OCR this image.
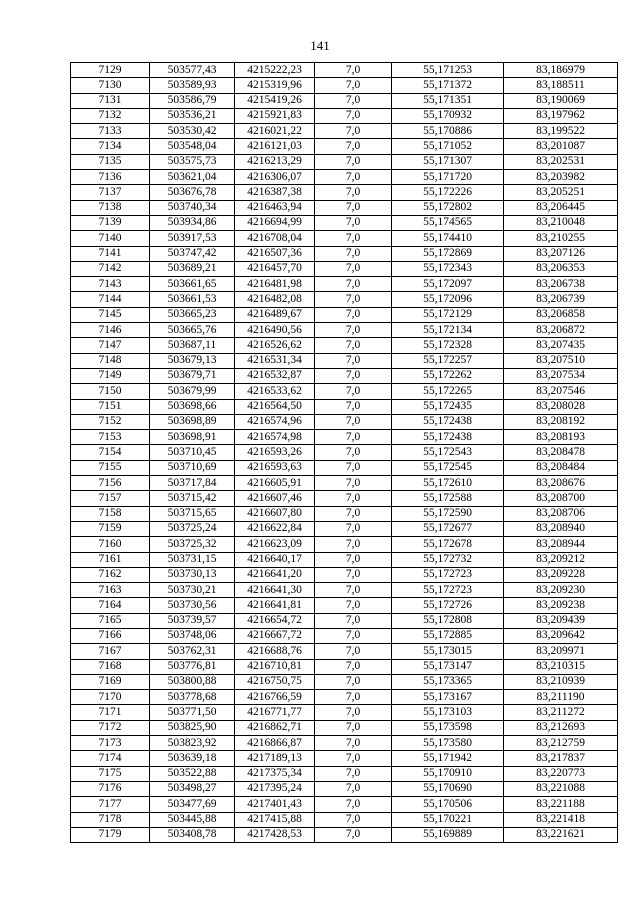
141
7129	503577,43	4215222,23	7,0	55,171253	83,186979
7130	503589,93	4215319,96	7,0	55,171372	83,188511
7131	503586,79	4215419,26	7,0	55,171351	83,190069
7132	503536,21	4215921,83	7,0	55,170932	83,197962
7133	503530,42	4216021,22	7,0	55,170886	83,199522
7134	503548,04	4216121,03	7,0	55,171052	83,201087
7135	503575,73	4216213,29	7,0	55,171307	83,202531
7136	503621,04	4216306,07	7,0	55,171720	83,203982
7137	503676,78	4216387,38	7,0	55,172226	83,205251
7138	503740,34	4216463,94	7,0	55,172802	83,206445
7139	503934,86	4216694,99	7,0	55,174565	83,210048
7140	503917,53	4216708,04	7,0	55,174410	83,210255
7141	503747,42	4216507,36	7,0	55,172869	83,207126
7142	503689,21	4216457,70	7,0	55,172343	83,206353
7143	503661,65	4216481,98	7,0	55,172097	83,206738
7144	503661,53	4216482,08	7,0	55,172096	83,206739
7145	503665,23	4216489,67	7,0	55,172129	83,206858
7146	503665,76	4216490,56	7,0	55,172134	83,206872
7147	503687,11	4216526,62	7,0	55,172328	83,207435
7148	503679,13	4216531,34	7,0	55,172257	83,207510
7149	503679,71	4216532,87	7,0	55,172262	83,207534
7150	503679,99	4216533,62	7,0	55,172265	83,207546
7151	503698,66	4216564,50	7,0	55,172435	83,208028
7152	503698,89	4216574,96	7,0	55,172438	83,208192
7153	503698,91	4216574,98	7,0	55,172438	83,208193
7154	503710,45	4216593,26	7,0	55,172543	83,208478
7155	503710,69	4216593,63	7,0	55,172545	83,208484
7156	503717,84	4216605,91	7,0	55,172610	83,208676
7157	503715,42	4216607,46	7,0	55,172588	83,208700
7158	503715,65	4216607,80	7,0	55,172590	83,208706
7159	503725,24	4216622,84	7,0	55,172677	83,208940
7160	503725,32	4216623,09	7,0	55,172678	83,208944
7161	503731,15	4216640,17	7,0	55,172732	83,209212
7162	503730,13	4216641,20	7,0	55,172723	83,209228
7163	503730,21	4216641,30	7,0	55,172723	83,209230
7164	503730,56	4216641,81	7,0	55,172726	83,209238
7165	503739,57	4216654,72	7,0	55,172808	83,209439
7166	503748,06	4216667,72	7,0	55,172885	83,209642
7167	503762,31	4216688,76	7,0	55,173015	83,209971
7168	503776,81	4216710,81	7,0	55,173147	83,210315
7169	503800,88	4216750,75	7,0	55,173365	83,210939
7170	503778,68	4216766,59	7,0	55,173167	83,211190
7171	503771,50	4216771,77	7,0	55,173103	83,211272
7172	503825,90	4216862,71	7,0	55,173598	83,212693
7173	503823,92	4216866,87	7,0	55,173580	83,212759
7174	503639,18	4217189,13	7,0	55,171942	83,217837
7175	503522,88	4217375,34	7,0	55,170910	83,220773
7176	503498,27	4217395,24	7,0	55,170690	83,221088
7177	503477,69	4217401,43	7,0	55,170506	83,221188
7178	503445,88	4217415,88	7,0	55,170221	83,221418
7179	503408,78	4217428,53	7,0	55,169889	83,221621
